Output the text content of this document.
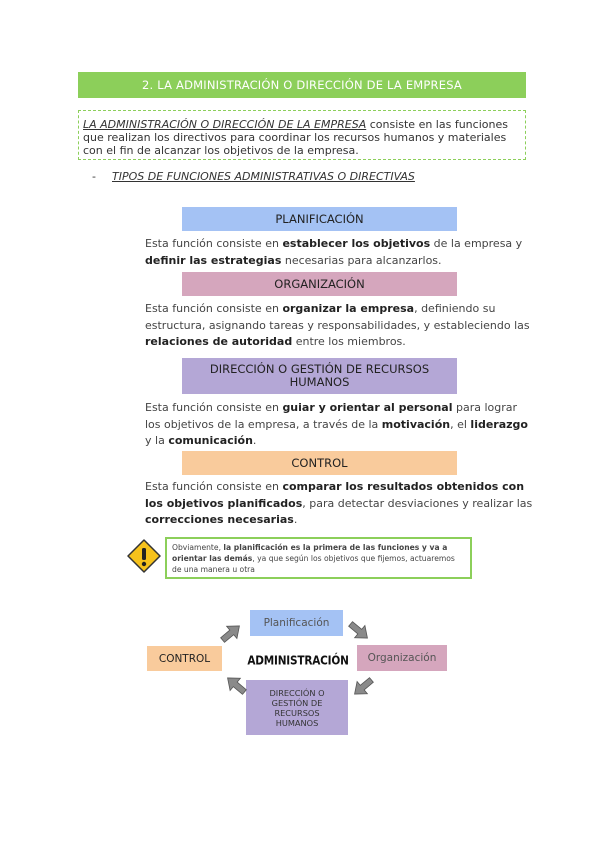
2. LA ADMINISTRACIÓN O DIRECCIÓN DE LA EMPRESA
LA ADMINISTRACIÓN O DIRECCIÓN DE LA EMPRESA consiste en las funciones que realizan los directivos para coordinar los recursos humanos y materiales con el fin de alcanzar los objetivos de la empresa.
- TIPOS DE FUNCIONES ADMINISTRATIVAS O DIRECTIVAS
PLANIFICACIÓN
Esta función consiste en establecer los objetivos de la empresa y definir las estrategias necesarias para alcanzarlos.
ORGANIZACIÓN
Esta función consiste en organizar la empresa, definiendo su estructura, asignando tareas y responsabilidades, y estableciendo las relaciones de autoridad entre los miembros.
DIRECCIÓN O GESTIÓN DE RECURSOS HUMANOS
Esta función consiste en guiar y orientar al personal para lograr los objetivos de la empresa, a través de la motivación, el liderazgo y la comunicación.
CONTROL
Esta función consiste en comparar los resultados obtenidos con los objetivos planificados, para detectar desviaciones y realizar las correcciones necesarias.
Obviamente, la planificación es la primera de las funciones y va a orientar las demás, ya que según los objetivos que fijemos, actuaremos de una manera u otra
Planificación
Organización
CONTROL
DIRECCIÓN O GESTIÓN DE RECURSOS HUMANOS
ADMINISTRACIÓN
